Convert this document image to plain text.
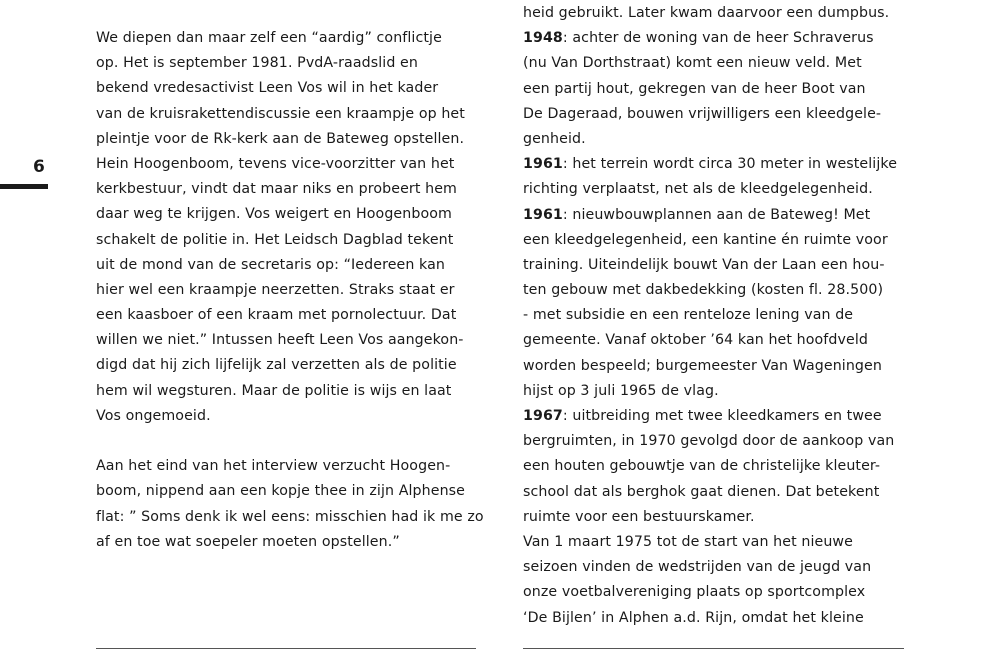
6
We diepen dan maar zelf een “aardig” conflictje
op. Het is september 1981. PvdA-raadslid en
bekend vredesactivist Leen Vos wil in het kader
van de kruisrakettendiscussie een kraampje op het
pleintje voor de Rk-kerk aan de Bateweg opstellen.
Hein Hoogenboom, tevens vice-voorzitter van het
kerkbestuur, vindt dat maar niks en probeert hem
daar weg te krijgen. Vos weigert en Hoogenboom
schakelt de politie in. Het Leidsch Dagblad tekent
uit de mond van de secretaris op: “Iedereen kan
hier wel een kraampje neerzetten. Straks staat er
een kaasboer of een kraam met pornolectuur. Dat
willen we niet.” Intussen heeft Leen Vos aangekon-
digd dat hij zich lijfelijk zal verzetten als de politie
hem wil wegsturen. Maar de politie is wijs en laat
Vos ongemoeid.
Aan het eind van het interview verzucht Hoogen-
boom, nippend aan een kopje thee in zijn Alphense
flat: ” Soms denk ik wel eens: misschien had ik me zo
af en toe wat soepeler moeten opstellen.”
heid gebruikt. Later kwam daarvoor een dumpbus.
1948: achter de woning van de heer Schraverus
(nu Van Dorthstraat) komt een nieuw veld. Met
een partij hout, gekregen van de heer Boot van
De Dageraad, bouwen vrijwilligers een kleedgele-
genheid.
1961: het terrein wordt circa 30 meter in westelijke
richting verplaatst, net als de kleedgelegenheid.
1961: nieuwbouwplannen aan de Bateweg! Met
een kleedgelegenheid, een kantine én ruimte voor
training. Uiteindelijk bouwt Van der Laan een hou-
ten gebouw met dakbedekking (kosten fl. 28.500)
- met subsidie en een renteloze lening van de
gemeente. Vanaf oktober ’64 kan het hoofdveld
worden bespeeld; burgemeester Van Wageningen
hijst op 3 juli 1965 de vlag.
1967: uitbreiding met twee kleedkamers en twee
bergruimten, in 1970 gevolgd door de aankoop van
een houten gebouwtje van de christelijke kleuter-
school dat als berghok gaat dienen. Dat betekent
ruimte voor een bestuurskamer.
Van 1 maart 1975 tot de start van het nieuwe
seizoen vinden de wedstrijden van de jeugd van
onze voetbalvereniging plaats op sportcomplex
‘De Bijlen’ in Alphen a.d. Rijn, omdat het kleine
